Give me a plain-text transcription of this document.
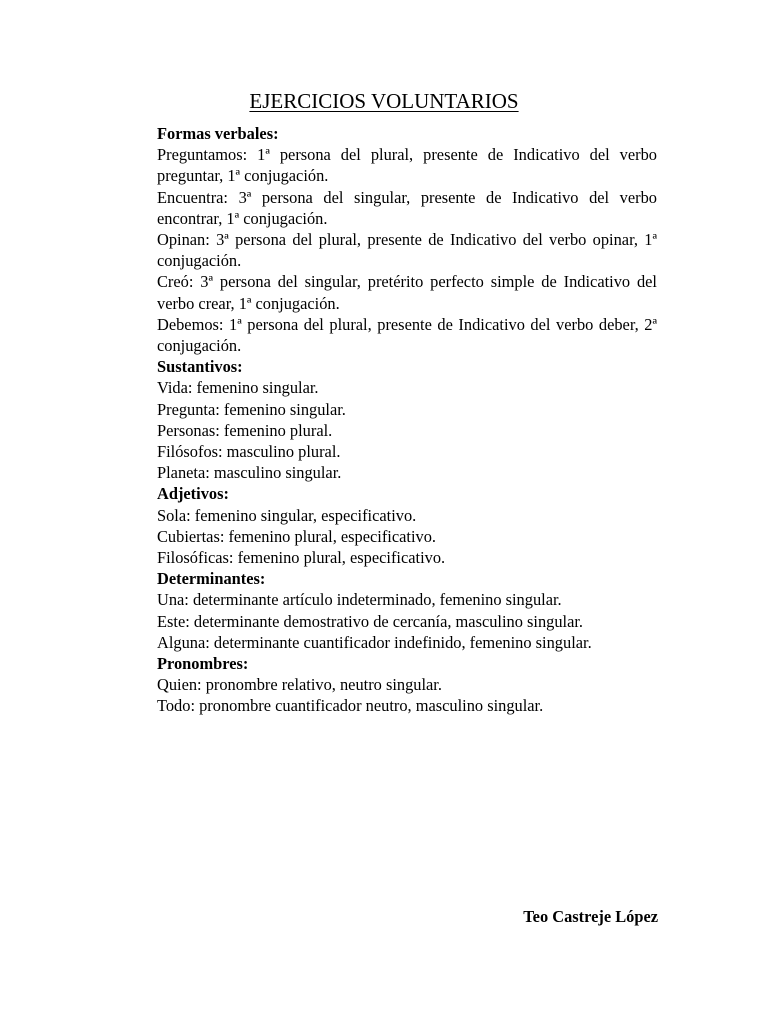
EJERCICIOS VOLUNTARIOS

Formas verbales:

Preguntamos: 1ª persona del plural, presente de Indicativo del verbo preguntar, 1ª conjugación.

Encuentra: 3ª persona del singular, presente de Indicativo del verbo encontrar, 1ª conjugación.

Opinan: 3ª persona del plural, presente de Indicativo del verbo opinar, 1ª conjugación.

Creó: 3ª persona del singular, pretérito perfecto simple de Indicativo del verbo crear, 1ª conjugación.

Debemos: 1ª persona del plural, presente de Indicativo del verbo deber, 2ª conjugación.

Sustantivos:

Vida: femenino singular.

Pregunta: femenino singular.

Personas: femenino plural.

Filósofos: masculino plural.

Planeta: masculino singular.

Adjetivos:

Sola: femenino singular, especificativo.

Cubiertas: femenino plural, especificativo.

Filosóficas: femenino plural, especificativo.

Determinantes:

Una: determinante artículo indeterminado, femenino singular.

Este: determinante demostrativo de cercanía, masculino singular.

Alguna: determinante cuantificador indefinido, femenino singular.

Pronombres:

Quien: pronombre relativo, neutro singular.

Todo: pronombre cuantificador neutro, masculino singular.

Teo Castreje López
